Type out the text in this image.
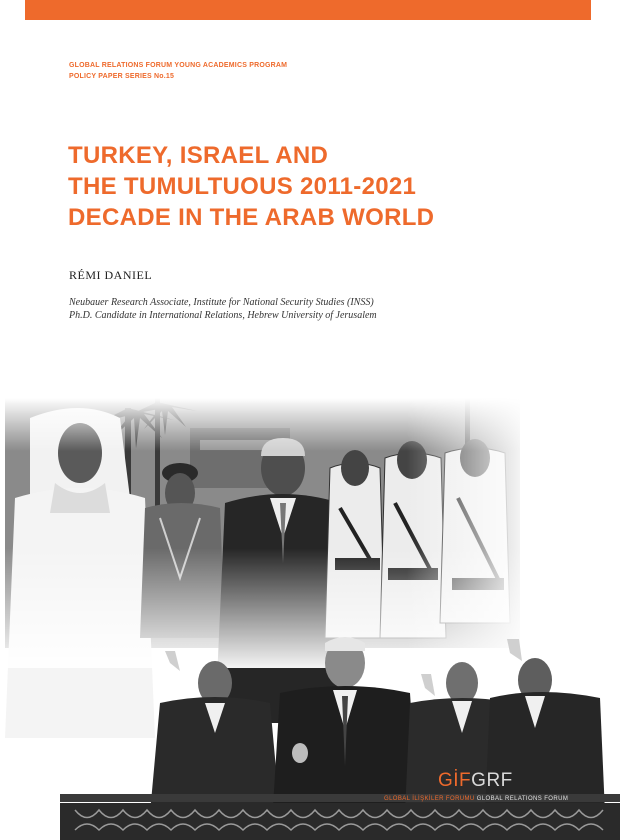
GLOBAL RELATIONS FORUM YOUNG ACADEMICS PROGRAM
POLICY PAPER SERIES No.15
TURKEY, ISRAEL AND
THE TUMULTUOUS 2011-2021
DECADE IN THE ARAB WORLD
RÉMI DANIEL
Neubauer Research Associate, Institute for National Security Studies (INSS)
Ph.D. Candidate in International Relations, Hebrew University of Jerusalem
GİFGRF
GLOBAL İLİŞKİLER FORUMU GLOBAL RELATIONS FORUM
